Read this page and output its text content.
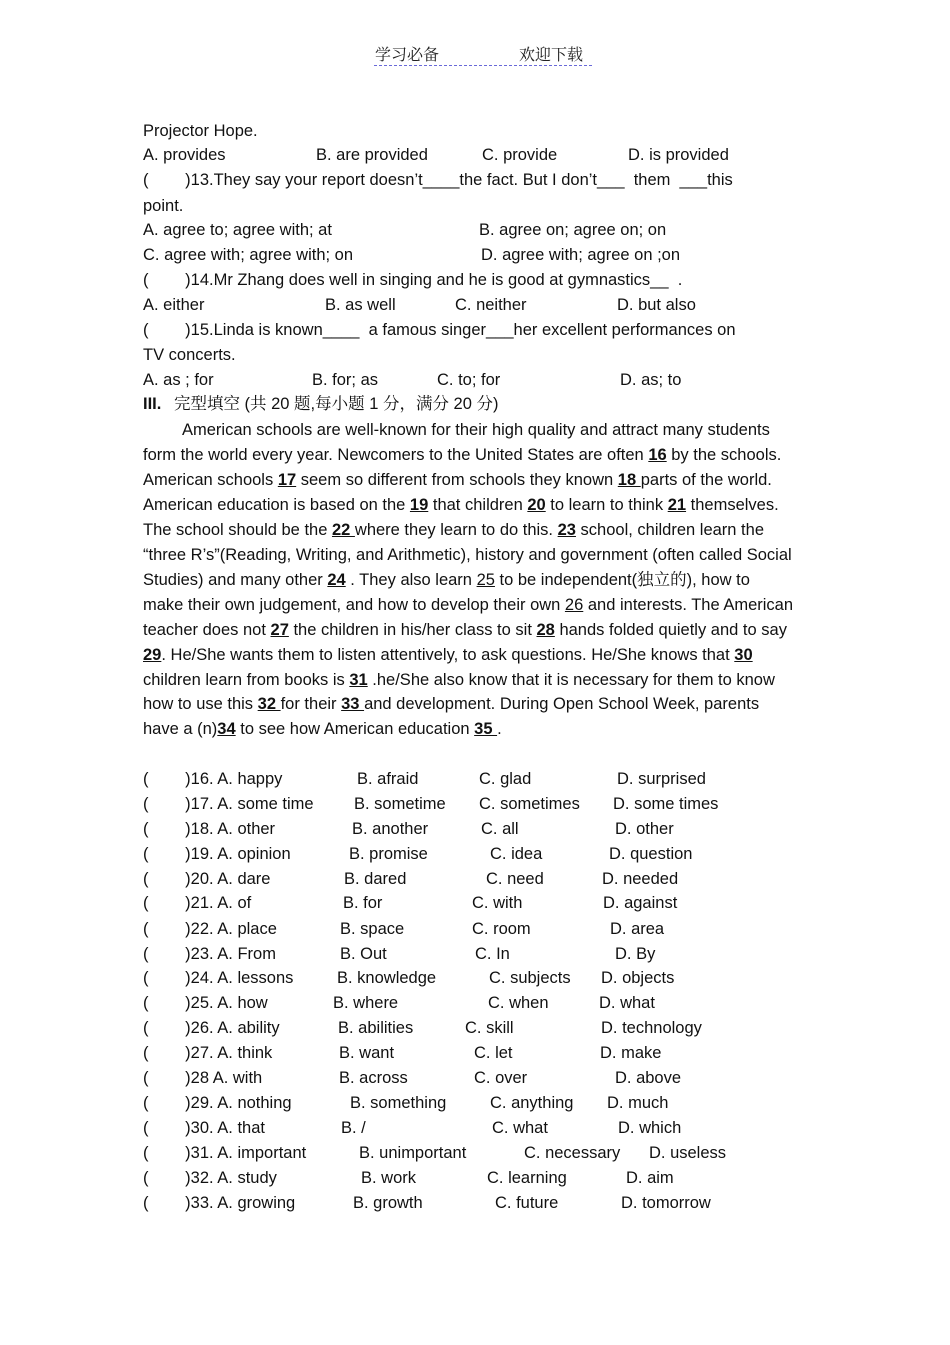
学习必备	欢迎下载
Projector Hope.
A. provides	B. are provided	C. provide	D. is provided
(        )13.They say your report doesn’t____the fact. But I don’t___  them  ___this
point.
A. agree to; agree with; at	B. agree on; agree on; on
C. agree with; agree with; on	D. agree with; agree on ;on
(        )14.Mr Zhang does well in singing and he is good at gymnastics__  .
A. either	B. as well	C. neither	D. but also
(        )15.Linda is known____  a famous singer___her excellent performances on
TV concerts.
A. as ; for	B. for; as	C. to; for	D. as; to
III. 完型填空 (共 20 题,每小题 1 分，满分 20 分)

American schools are well-known for their high quality and attract many students form the world every year. Newcomers to the United States are often 16 by the schools. American schools 17 seem so different from schools they known 18 parts of the world. American education is based on the 19 that children 20 to learn to think 21 themselves. The school should be the 22 where they learn to do this. 23 school, children learn the “three R’s”(Reading, Writing, and Arithmetic), history and government (often called Social Studies) and many other 24 . They also learn 25 to be independent(独立的), how to make their own judgement, and how to develop their own 26 and interests. The American teacher does not 27 the children in his/her class to sit 28 hands folded quietly and to say 29. He/She wants them to listen attentively, to ask questions. He/She knows that 30 children learn from books is 31 .he/She also know that it is necessary for them to know how to use this 32 for their 33 and development. During Open School Week, parents have a (n)34 to see how American education 35 .

(        )16. A. happy	B. afraid	C. glad	D. surprised
(        )17. A. some time B. sometime C. sometimes D. some times
(        )18. A. other	B. another	C. all	D. other
(        )19. A. opinion	B. promise	C. idea	D. question
(        )20. A. dare	B. dared	C. need	D. needed
(        )21. A. of	B. for	C. with	D. against
(        )22. A. place	B. space	C. room	D. area
(        )23. A. From	B. Out	C. In	D. By
(        )24. A. lessons	B. knowledge	C. subjects D. objects
(        )25. A. how	B. where	C. when	D. what
(        )26. A. ability	B. abilities	C. skill	D. technology
(        )27. A. think	B. want	C. let	D. make
(        )28 A. with	B. across	C. over	D. above
(        )29. A. nothing	B. something	C. anything D. much
(        )30. A. that	B. /	C. what	D. which
(        )31. A. important	B. unimportant	C. necessary D. useless
(        )32. A. study	B. work	C. learning	D. aim
(        )33. A. growing	B. growth	C. future	D. tomorrow
